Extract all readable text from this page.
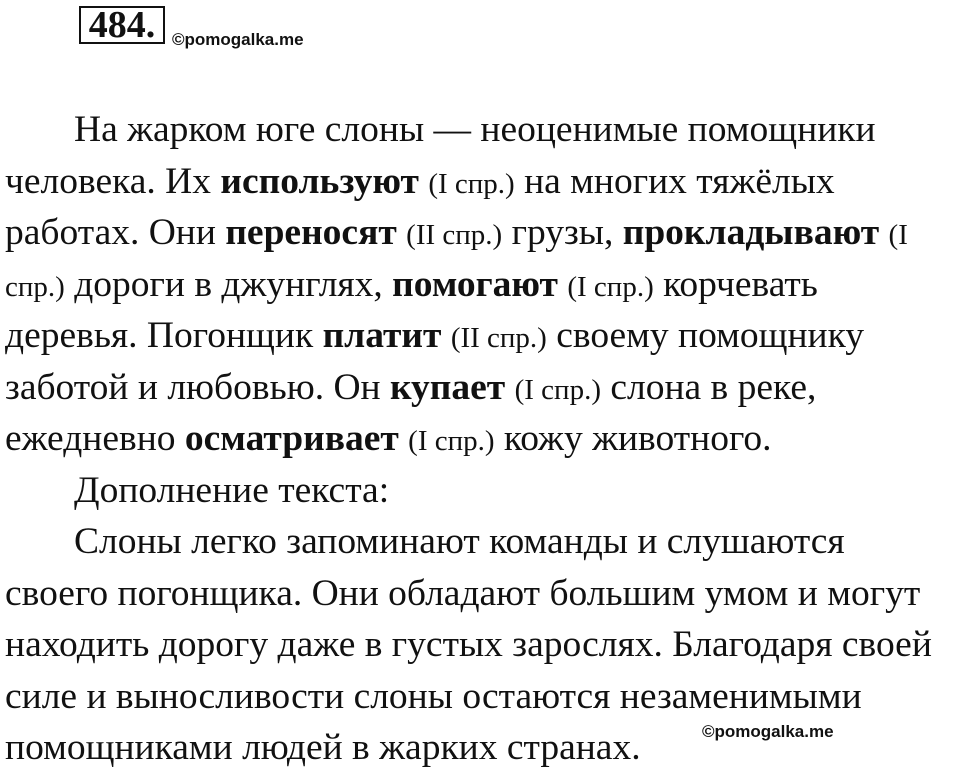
484. ©pomogalka.me
На жарком юге слоны — неоценимые помощники
человека. Их используют (I спр.) на многих тяжёлых
работах. Они переносят (II спр.) грузы, прокладывают (I
спр.) дороги в джунглях, помогают (I спр.) корчевать
деревья. Погонщик платит (II спр.) своему помощнику
заботой и любовью. Он купает (I спр.) слона в реке,
ежедневно осматривает (I спр.) кожу животного.
Дополнение текста:
Слоны легко запоминают команды и слушаются
своего погонщика. Они обладают большим умом и могут
находить дорогу даже в густых зарослях. Благодаря своей
силе и выносливости слоны остаются незаменимыми
помощниками людей в жарких странах.	©pomogalka.me
